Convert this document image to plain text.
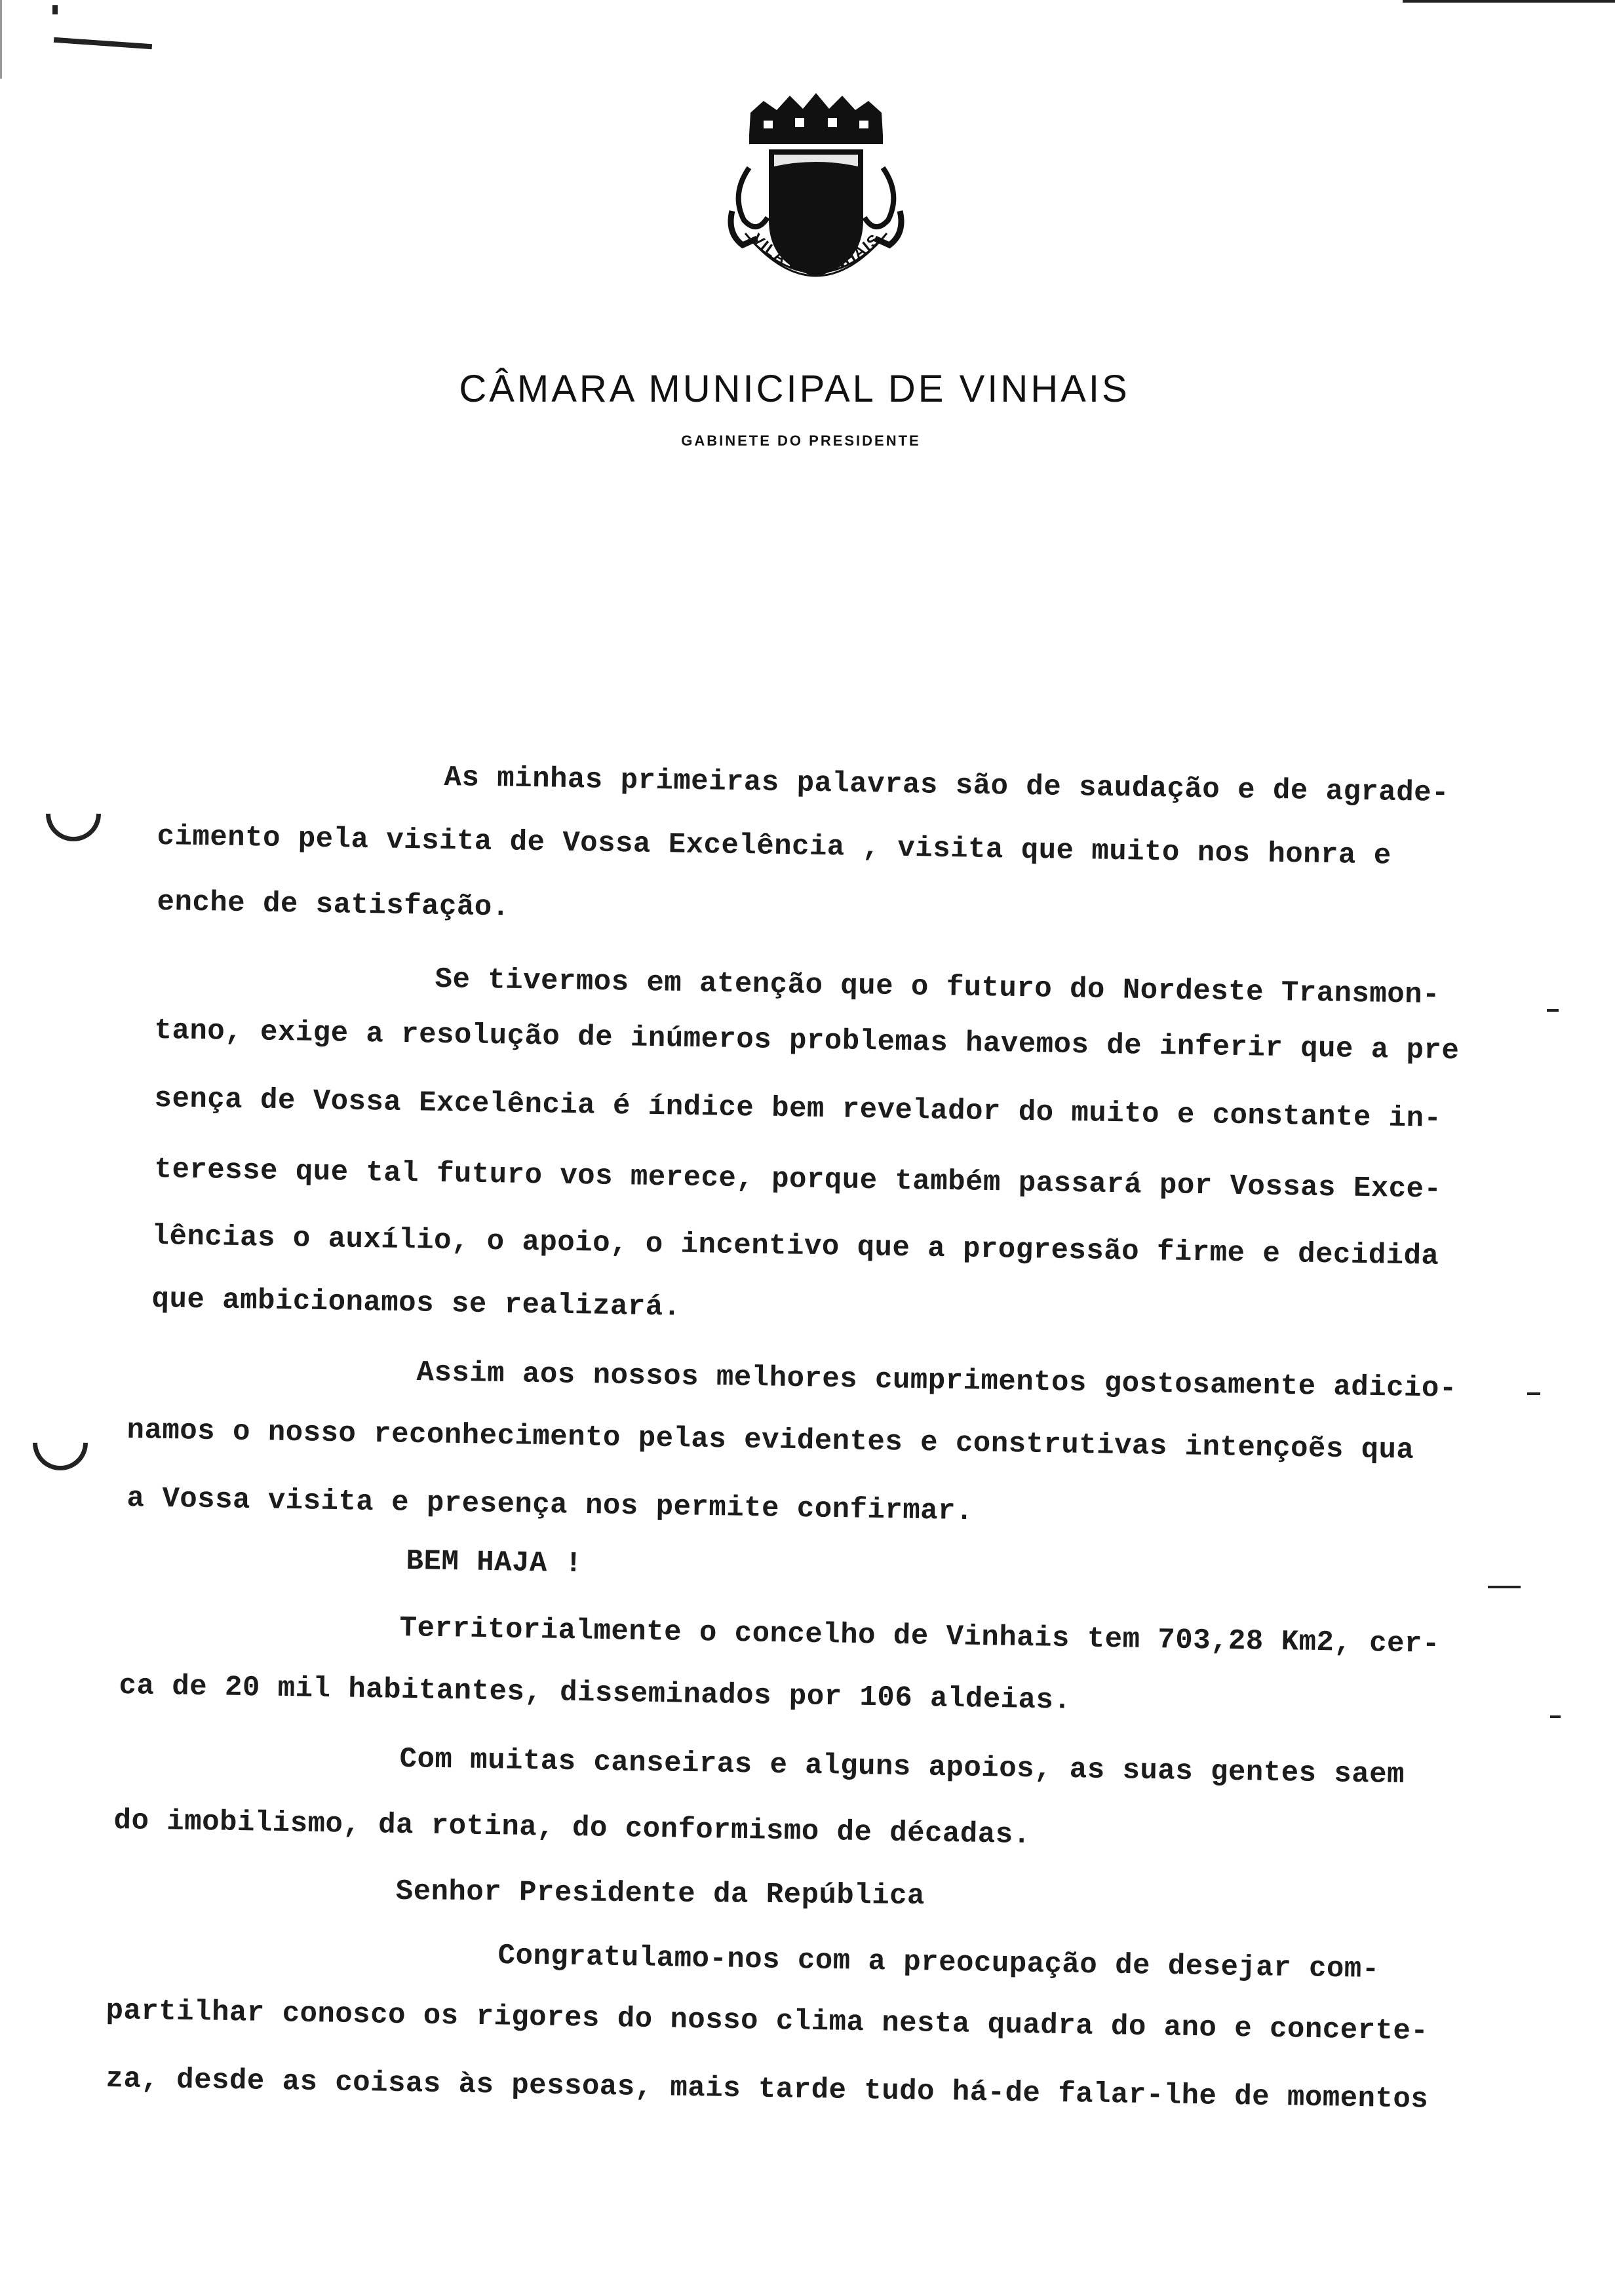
VILA DE VINHAIS
CÂMARA MUNICIPAL DE VINHAIS
GABINETE DO PRESIDENTE
As minhas primeiras palavras são de saudação e de agrade-
cimento pela visita de Vossa Excelência , visita que muito nos honra e
enche de satisfação.
Se tivermos em atenção que o futuro do Nordeste Transmon-
tano, exige a resolução de inúmeros problemas havemos de inferir que a pre
sença de Vossa Excelência é índice bem revelador do muito e constante in-
teresse que tal futuro vos merece, porque também passará por Vossas Exce-
lências o auxílio, o apoio, o incentivo que a progressão firme e decidida
que ambicionamos se realizará.
Assim aos nossos melhores cumprimentos gostosamente adicio-
namos o nosso reconhecimento pelas evidentes e construtivas intençoẽs qua
a Vossa visita e presença nos permite confirmar.
BEM HAJA !
Territorialmente o concelho de Vinhais tem 703,28 Km2, cer-
ca de 20 mil habitantes, disseminados por 106 aldeias.
Com muitas canseiras e alguns apoios, as suas gentes saem
do imobilismo, da rotina, do conformismo de décadas.
Senhor Presidente da República
Congratulamo-nos com a preocupação de desejar com-
partilhar conosco os rigores do nosso clima nesta quadra do ano e concerte-
za, desde as coisas às pessoas, mais tarde tudo há-de falar-lhe de momentos
